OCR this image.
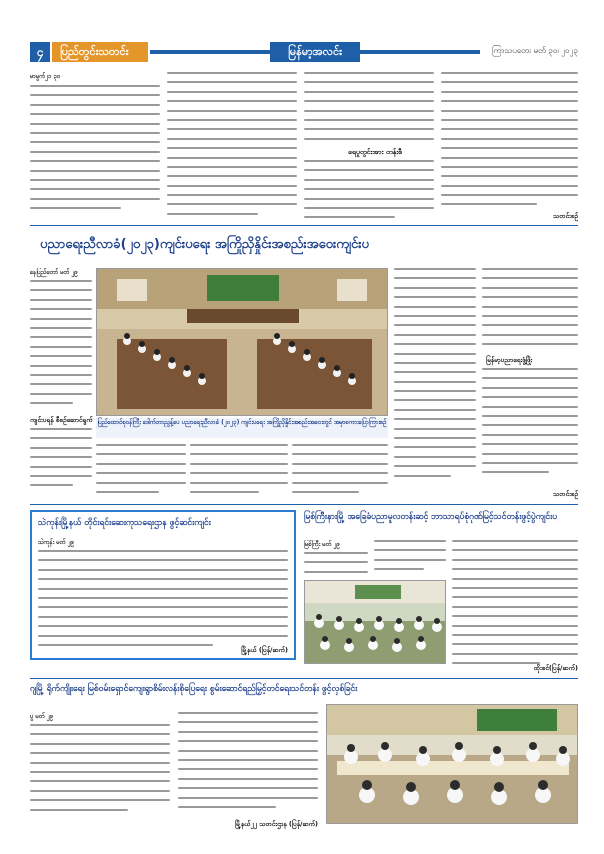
၄	ပြည်တွင်းသတင်း	မြန်မာ့အလင်း	ကြာသပတေး မတ် ၃၀၊ ၂၀၂၃
မာမွက်၂၁ ၃၀
ရေပူတွင်းအား တန်းစီ
သတင်းစဉ်
ပညာရေးညီလာခံ(၂၀၂၃)ကျင်းပရေး အကြိုညှိနှိုင်းအစည်းအဝေးကျင်းပ
ပြည်ထောင်စုဝန်ကြီး ဒေါက်တာညွန့်ပေ ပညာရေးညီလာခံ (၂၀၂၃) ကျင်းပရေး အကြိုညှိနှိုင်းအစည်းအဝေးတွင် အမှာစကားပြောကြားစဉ်
နေပြည်တော် မတ် ၂၉
ကျင်းပရန် စီစဉ်ဆောင်ရွက်
မြန်မာ့ပညာရေးဖွံ့ဖြိုး
သတင်းစဉ်
သဲကုန်းမြို့နယ် တိုင်းရင်းဆေးကုသရေးဌာန ဖွင့်ဆင်းကျင်း
သဲကုန်း မတ် ၂၉
မြို့နယ် (ပြန်/ဆက်)
မြစ်ကြီးနားမြို့ အခြေခံပညာမူလတန်းဆင့် ဘာသာရပ်စုံဂုဏ်မြင့်သင်တန်းဖွင့်ပွဲကျင်းပ
မြစ်ကြီး မတ် ၂၉
ထိုးစင်(ပြန်/ဆက်)
ဂျမြို့ ရိုက်ကျိုးရေး မြစ်ဝမ်းရှောင်ကျေးရွာစိမ်းလန်းစိုပြေရေး စွမ်းဆောင်ရည်မြှင့်တင်ရေးသင်တန်း ဖွင့်လှစ်ခြင်း
ပွ မတ် ၂၉
မြို့နယ်၂၂ သတင်းဌာန (ပြန်/ဆက်)
